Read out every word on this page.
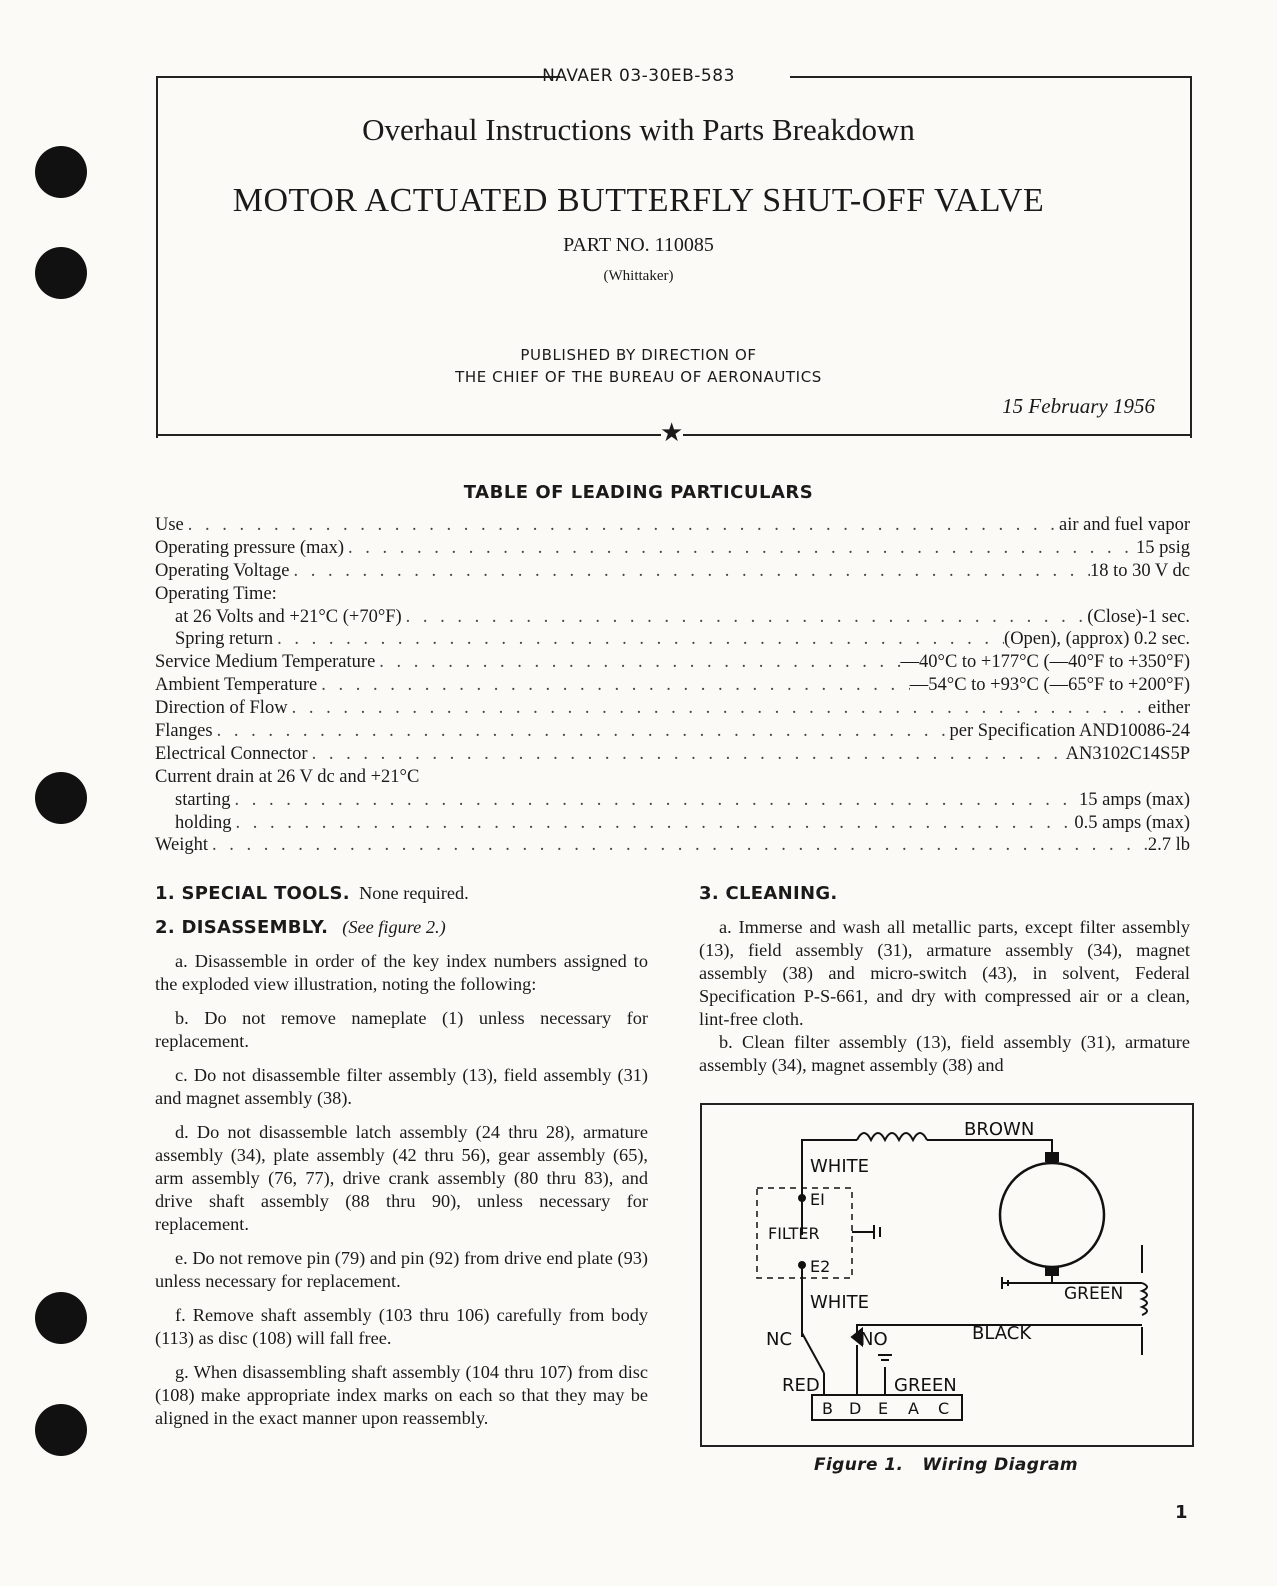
NAVAER 03-30EB-583
Overhaul Instructions with Parts Breakdown
MOTOR ACTUATED BUTTERFLY SHUT-OFF VALVE
PART NO. 110085
(Whittaker)
PUBLISHED BY DIRECTION OF
THE CHIEF OF THE BUREAU OF AERONAUTICS
15 February 1956
★
TABLE OF LEADING PARTICULARS
Use . . .	air and fuel vapor
Operating pressure (max) . . .	15 psig
Operating Voltage . . .	18 to 30 V dc
Operating Time:
at 26 Volts and +21°C (+70°F) . . .	(Close)-1 sec.
Spring return . . .	(Open), (approx) 0.2 sec.
Service Medium Temperature . . .	—40°C to +177°C (—40°F to +350°F)
Ambient Temperature . . .	—54°C to +93°C (—65°F to +200°F)
Direction of Flow . . .	either
Flanges . . .	per Specification AND10086-24
Electrical Connector . . .	AN3102C14S5P
Current drain at 26 V dc and +21°C
starting . . .	15 amps (max)
holding . . .	0.5 amps (max)
Weight . . .	2.7 lb

1. SPECIAL TOOLS. None required.

2. DISASSEMBLY. (See figure 2.)

a. Disassemble in order of the key index numbers assigned to the exploded view illustration, noting the following:

b. Do not remove nameplate (1) unless necessary for replacement.

c. Do not disassemble filter assembly (13), field assembly (31) and magnet assembly (38).

d. Do not disassemble latch assembly (24 thru 28), armature assembly (34), plate assembly (42 thru 56), gear assembly (65), arm assembly (76, 77), drive crank assembly (80 thru 83), and drive shaft assembly (88 thru 90), unless necessary for replacement.

e. Do not remove pin (79) and pin (92) from drive end plate (93) unless necessary for replacement.

f. Remove shaft assembly (103 thru 106) carefully from body (113) as disc (108) will fall free.

g. When disassembling shaft assembly (104 thru 107) from disc (108) make appropriate index marks on each so that they may be aligned in the exact manner upon reassembly.

3. CLEANING.

a. Immerse and wash all metallic parts, except filter assembly (13), field assembly (31), armature assembly (34), magnet assembly (38) and micro-switch (43), in solvent, Federal Specification P-S-661, and dry with compressed air or a clean, lint-free cloth.

b. Clean filter assembly (13), field assembly (31), armature assembly (34), magnet assembly (38) and

BROWN
WHITE
EI
FILTER
E2
WHITE	GREEN
NC	NO	BLACK
RED	GREEN
B D E A C
Figure 1.   Wiring Diagram
1
